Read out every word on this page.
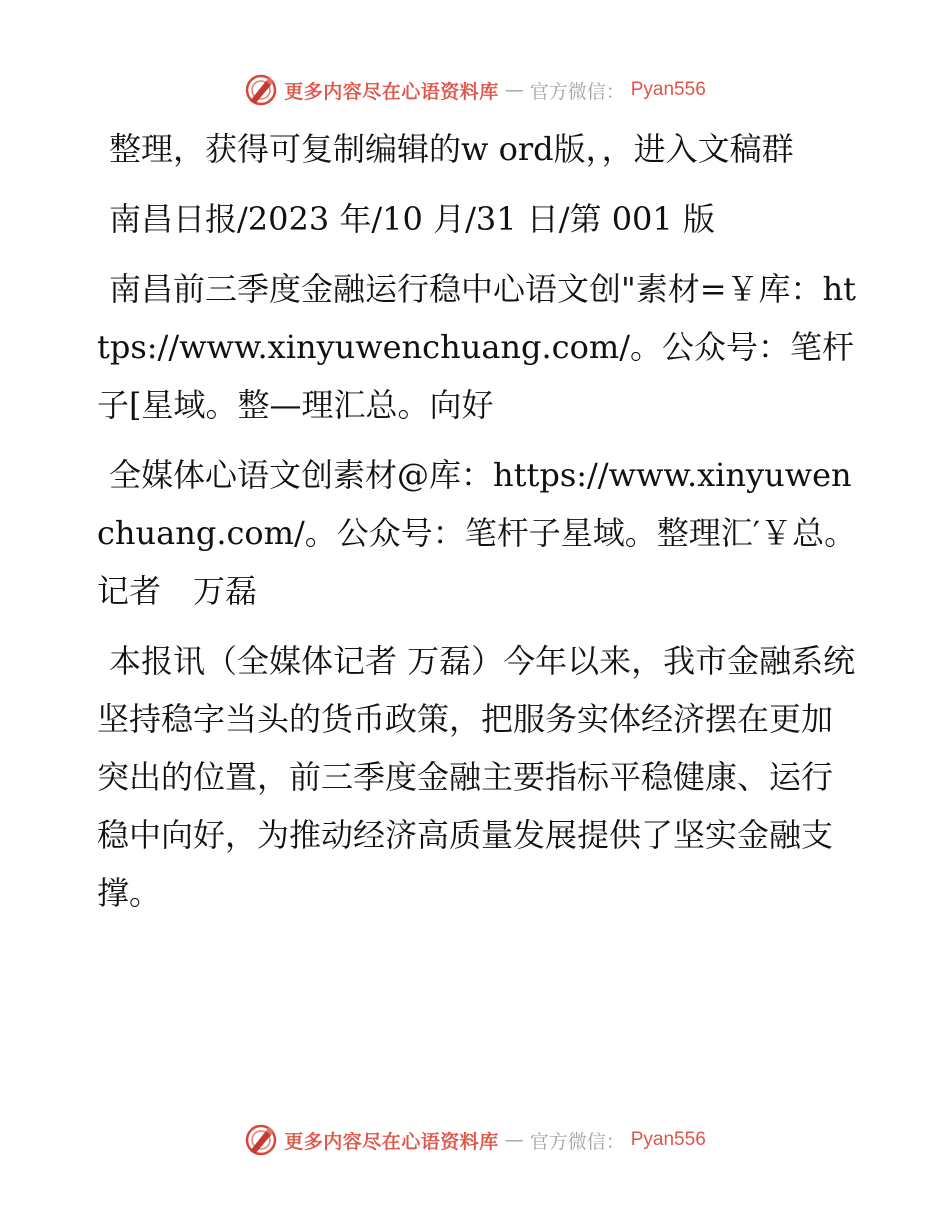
更多内容尽在心语资料库 — 官方微信： Pyan556

整理，获得可复制编辑的w ord版，，进入文稿群

南昌日报/2023 年/10 月/31 日/第 001 版

南昌前三季度金融运行稳中心语文创"素材=￥库：https://www.xinyuwenchuang.com/。公众号：笔杆子[星域。整—理汇总。向好

全媒体心语文创素材@库：https://www.xinyuwenchuang.com/。公众号：笔杆子星域。整理汇′￥总。记者　万磊

本报讯（全媒体记者 万磊）今年以来，我市金融系统坚持稳字当头的货币政策，把服务实体经济摆在更加突出的位置，前三季度金融主要指标平稳健康、运行稳中向好，为推动经济高质量发展提供了坚实金融支撑。

更多内容尽在心语资料库 — 官方微信： Pyan556
